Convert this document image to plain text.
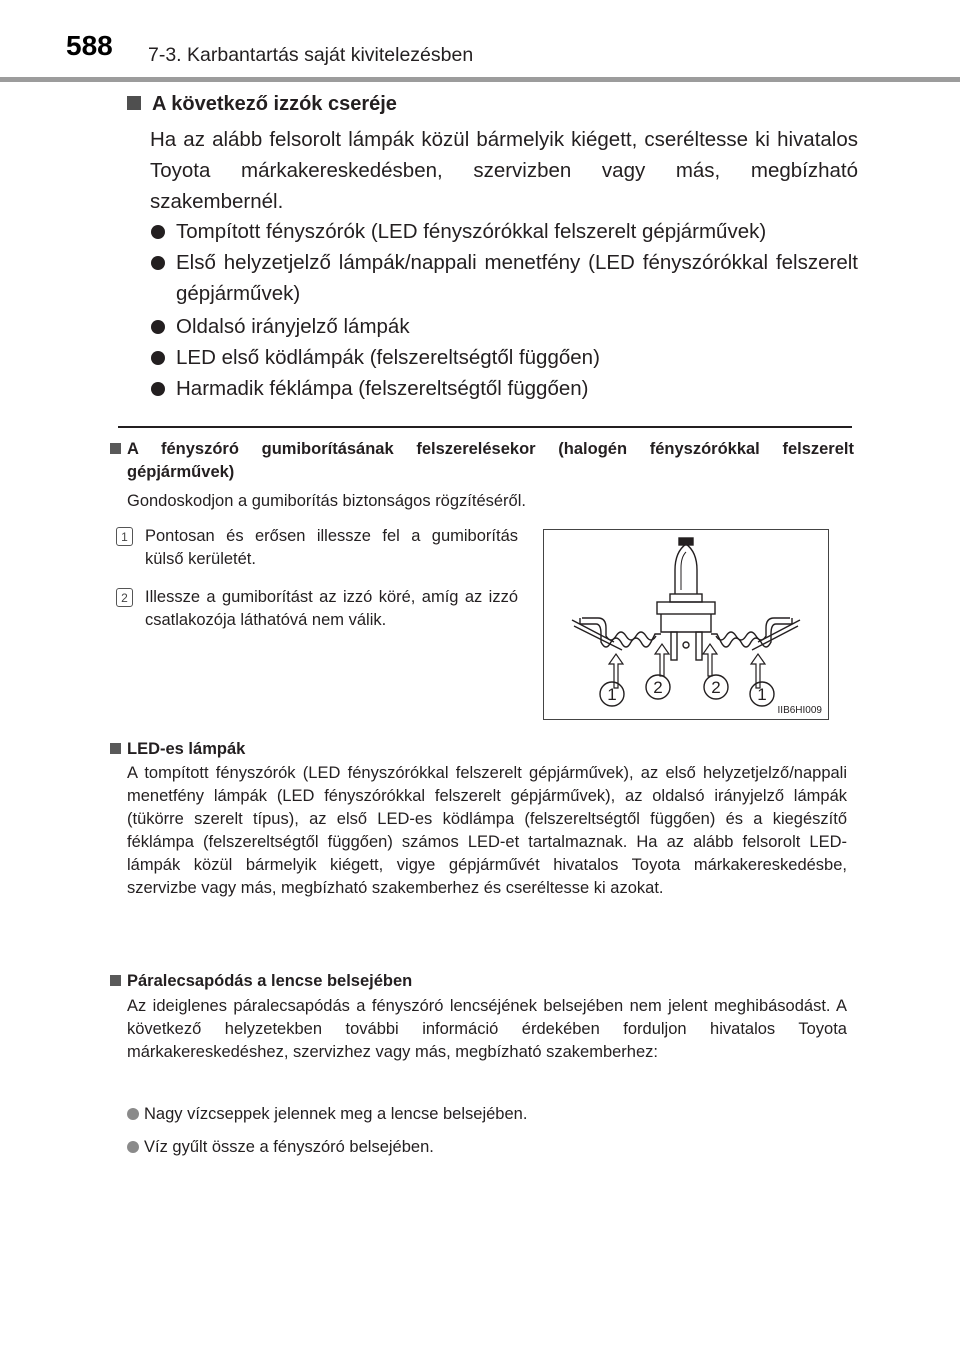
588 7-3. Karbantartás saját kivitelezésben
A következő izzók cseréje
Ha az alább felsorolt lámpák közül bármelyik kiégett, cseréltesse ki hivatalos Toyota márkakereskedésben, szervizben vagy más, megbízható szakembernél.
Tompított fényszórók (LED fényszórókkal felszerelt gépjárművek)
Első helyzetjelző lámpák/nappali menetfény (LED fényszórókkal felszerelt gépjárművek)
Oldalsó irányjelző lámpák
LED első ködlámpák (felszereltségtől függően)
Harmadik féklámpa (felszereltségtől függően)
A fényszóró gumiborításának felszerelésekor (halogén fényszórókkal felszerelt gépjárművek)
Gondoskodjon a gumiborítás biztonságos rögzítéséről.
1	Pontosan és erősen illessze fel a gumiborítás külső kerületét.
2	Illessze a gumiborítást az izzó köré, amíg az izzó csatlakozója láthatóvá nem válik.
1 2	2 1
IIB6HI009
LED-es lámpák
A tompított fényszórók (LED fényszórókkal felszerelt gépjárművek), az első helyzetjelző/nappali menetfény lámpák (LED fényszórókkal felszerelt gépjárművek), az oldalsó irányjelző lámpák (tükörre szerelt típus), az első LED-es ködlámpa (felszereltségtől függően) és a kiegészítő féklámpa (felszereltségtől függően) számos LED-et tartalmaznak. Ha az alább felsorolt LED-lámpák közül bármelyik kiégett, vigye gépjárművét hivatalos Toyota márkakereskedésbe, szervizbe vagy más, megbízható szakemberhez és cseréltesse ki azokat.
Páralecsapódás a lencse belsejében
Az ideiglenes páralecsapódás a fényszóró lencséjének belsejében nem jelent meghibásodást. A következő helyzetekben további információ érdekében forduljon hivatalos Toyota márkakereskedéshez, szervizhez vagy más, megbízható szakemberhez:
Nagy vízcseppek jelennek meg a lencse belsejében.
Víz gyűlt össze a fényszóró belsejében.
